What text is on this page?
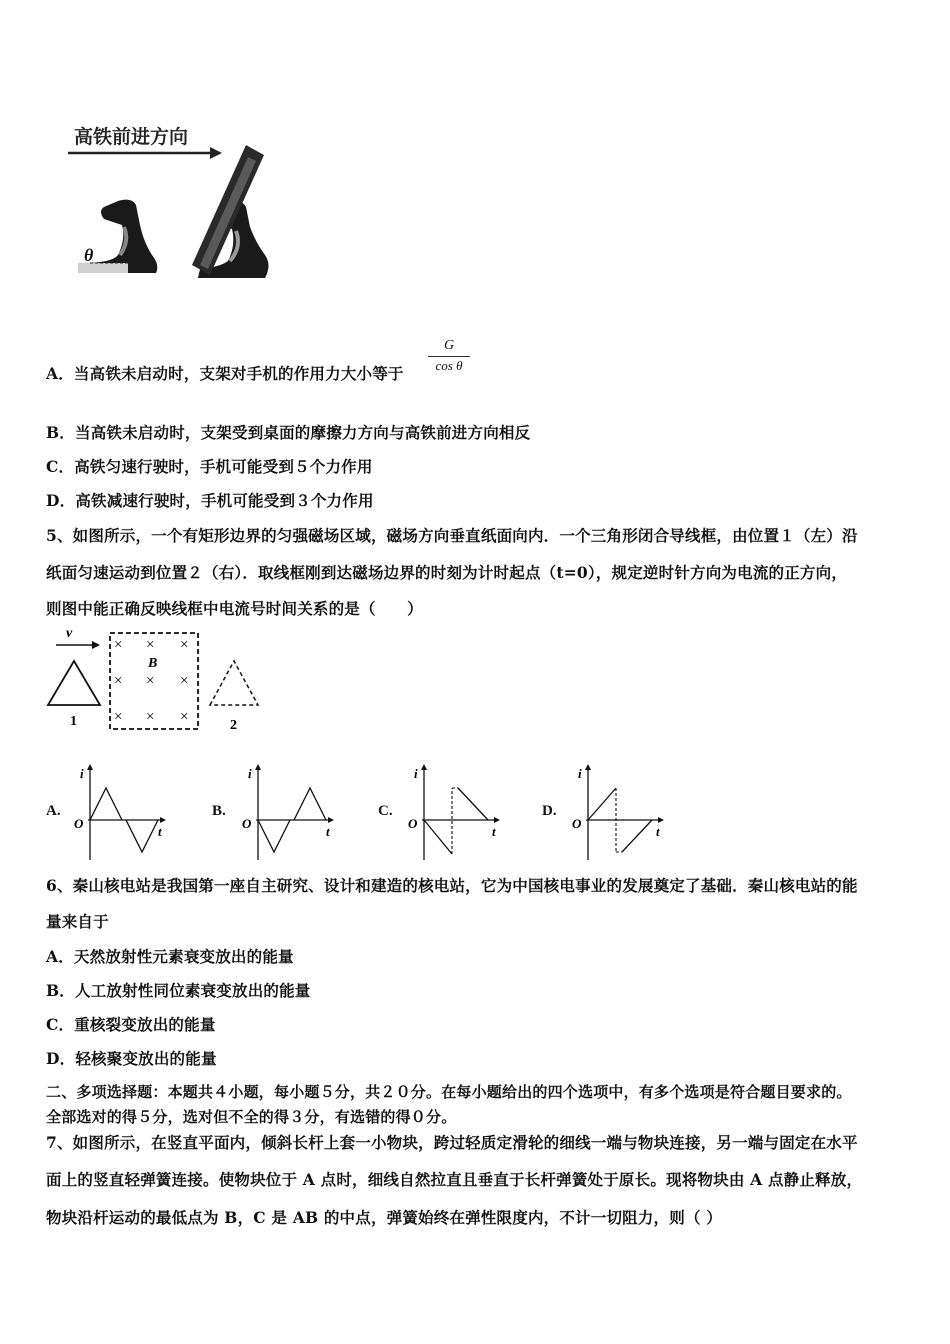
高铁前进方向
θ
A．当高铁未启动时，支架对手机的作用力大小等于 $\frac{G}{\text{cos θ}}$
B．当高铁未启动时，支架受到桌面的摩擦力方向与高铁前进方向相反
C．高铁匀速行驶时，手机可能受到５个力作用
D．高铁减速行驶时，手机可能受到３个力作用
5、如图所示，一个有矩形边界的匀强磁场区域，磁场方向垂直纸面向内．一个三角形闭合导线框，由位置１（左）沿
纸面匀速运动到位置２（右）．取线框刚到达磁场边界的时刻为计时起点（t=0），规定逆时针方向为电流的正方向，
则图中能正确反映线框中电流号时间关系的是（　　）
v
1
B
× × ×
× × ×
× × ×
2
A.
i
t
O
B.
i
t
O
C.
i
t
O
D.
i
t
O
6、秦山核电站是我国第一座自主研究、设计和建造的核电站，它为中国核电事业的发展奠定了基础．秦山核电站的能
量来自于
A．天然放射性元素衰变放出的能量
B．人工放射性同位素衰变放出的能量
C．重核裂变放出的能量
D．轻核聚变放出的能量
二、多项选择题：本题共４小题，每小题５分，共２０分。在每小题给出的四个选项中，有多个选项是符合题目要求的。
全部选对的得５分，选对但不全的得３分，有选错的得０分。
7、如图所示，在竖直平面内，倾斜长杆上套一小物块，跨过轻质定滑轮的细线一端与物块连接，另一端与固定在水平
面上的竖直轻弹簧连接。使物块位于 A 点时，细线自然拉直且垂直于长杆弹簧处于原长。现将物块由 A 点静止释放，
物块沿杆运动的最低点为 B，C 是 AB 的中点，弹簧始终在弹性限度内，不计一切阻力，则（ ）
